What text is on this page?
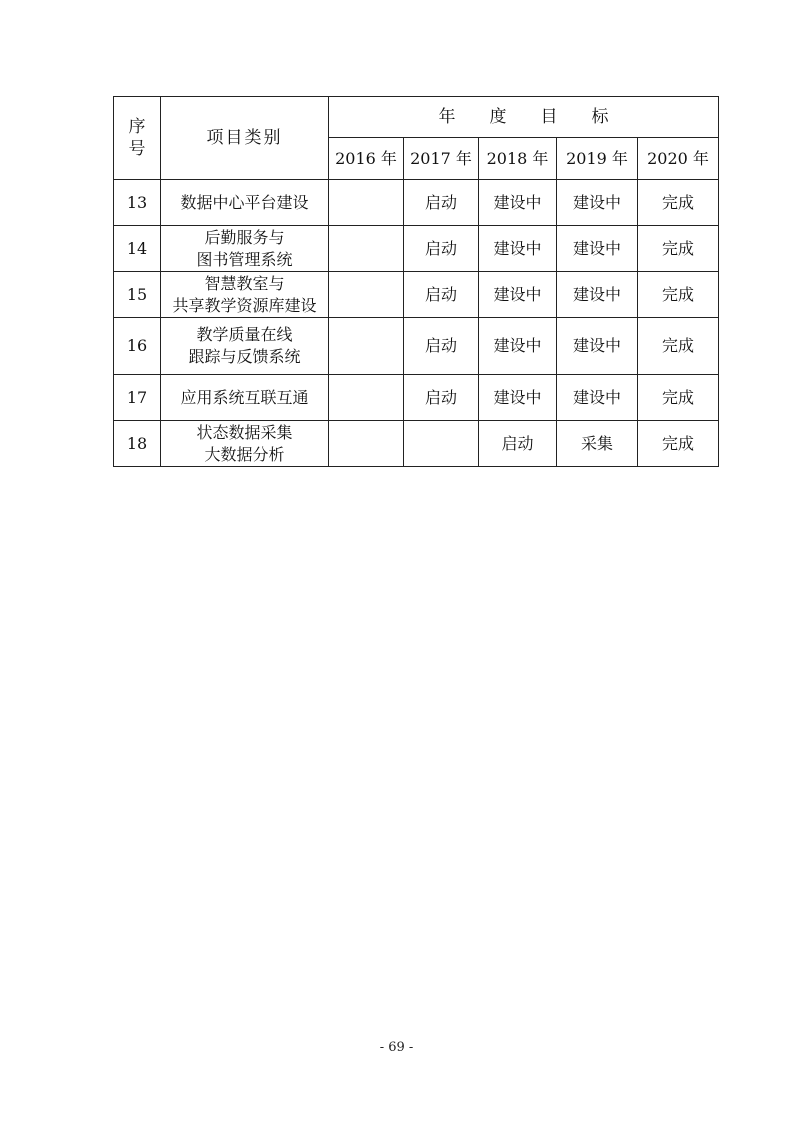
序
号	项目类别	年度目标				
		2016 年	2017 年	2018 年	2019 年	2020 年
13	数据中心平台建设		启动	建设中	建设中	完成
14	后勤服务与
图书管理系统		启动	建设中	建设中	完成
15	智慧教室与
共享教学资源库建设		启动	建设中	建设中	完成
16	教学质量在线
跟踪与反馈系统		启动	建设中	建设中	完成
17	应用系统互联互通		启动	建设中	建设中	完成
18	状态数据采集
大数据分析			启动	采集	完成
- 69 -
